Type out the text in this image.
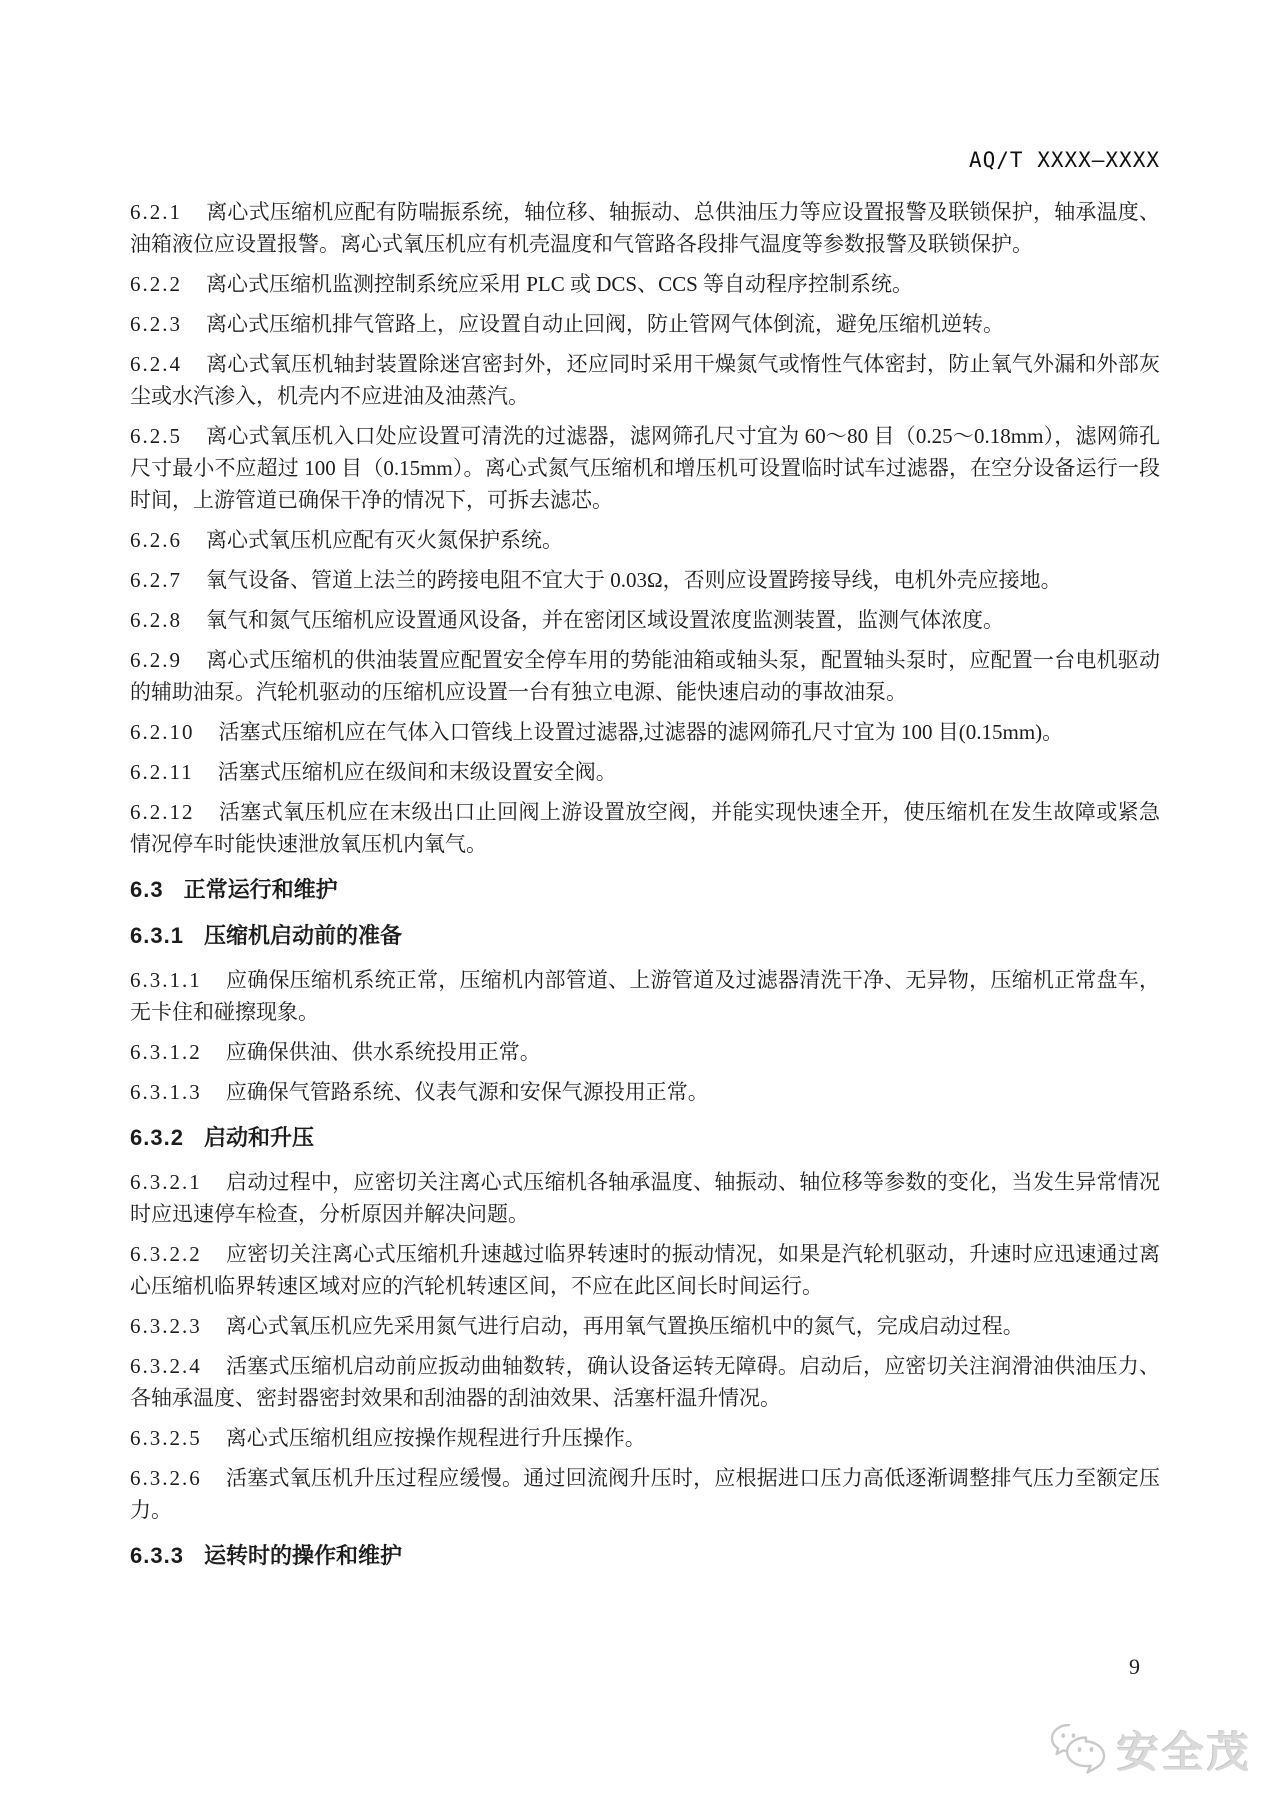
AQ/T XXXX—XXXX

6.2.1 离心式压缩机应配有防喘振系统，轴位移、轴振动、总供油压力等应设置报警及联锁保护，轴承温度、油箱液位应设置报警。离心式氧压机应有机壳温度和气管路各段排气温度等参数报警及联锁保护。

6.2.2 离心式压缩机监测控制系统应采用 PLC 或 DCS、CCS 等自动程序控制系统。

6.2.3 离心式压缩机排气管路上，应设置自动止回阀，防止管网气体倒流，避免压缩机逆转。

6.2.4 离心式氧压机轴封装置除迷宫密封外，还应同时采用干燥氮气或惰性气体密封，防止氧气外漏和外部灰尘或水汽渗入，机壳内不应进油及油蒸汽。

6.2.5 离心式氧压机入口处应设置可清洗的过滤器，滤网筛孔尺寸宜为 60～80 目（0.25～0.18mm），滤网筛孔尺寸最小不应超过 100 目（0.15mm）。离心式氮气压缩机和增压机可设置临时试车过滤器，在空分设备运行一段时间，上游管道已确保干净的情况下，可拆去滤芯。

6.2.6 离心式氧压机应配有灭火氮保护系统。

6.2.7 氧气设备、管道上法兰的跨接电阻不宜大于 0.03Ω，否则应设置跨接导线，电机外壳应接地。

6.2.8 氧气和氮气压缩机应设置通风设备，并在密闭区域设置浓度监测装置，监测气体浓度。

6.2.9 离心式压缩机的供油装置应配置安全停车用的势能油箱或轴头泵，配置轴头泵时，应配置一台电机驱动的辅助油泵。汽轮机驱动的压缩机应设置一台有独立电源、能快速启动的事故油泵。

6.2.10 活塞式压缩机应在气体入口管线上设置过滤器,过滤器的滤网筛孔尺寸宜为 100 目(0.15mm)。

6.2.11 活塞式压缩机应在级间和末级设置安全阀。

6.2.12 活塞式氧压机应在末级出口止回阀上游设置放空阀，并能实现快速全开，使压缩机在发生故障或紧急情况停车时能快速泄放氧压机内氧气。

6.3 正常运行和维护

6.3.1 压缩机启动前的准备

6.3.1.1 应确保压缩机系统正常，压缩机内部管道、上游管道及过滤器清洗干净、无异物，压缩机正常盘车，无卡住和碰擦现象。

6.3.1.2 应确保供油、供水系统投用正常。

6.3.1.3 应确保气管路系统、仪表气源和安保气源投用正常。

6.3.2 启动和升压

6.3.2.1 启动过程中，应密切关注离心式压缩机各轴承温度、轴振动、轴位移等参数的变化，当发生异常情况时应迅速停车检查，分析原因并解决问题。

6.3.2.2 应密切关注离心式压缩机升速越过临界转速时的振动情况，如果是汽轮机驱动，升速时应迅速通过离心压缩机临界转速区域对应的汽轮机转速区间，不应在此区间长时间运行。

6.3.2.3 离心式氧压机应先采用氮气进行启动，再用氧气置换压缩机中的氮气，完成启动过程。

6.3.2.4 活塞式压缩机启动前应扳动曲轴数转，确认设备运转无障碍。启动后，应密切关注润滑油供油压力、各轴承温度、密封器密封效果和刮油器的刮油效果、活塞杆温升情况。

6.3.2.5 离心式压缩机组应按操作规程进行升压操作。

6.3.2.6 活塞式氧压机升压过程应缓慢。通过回流阀升压时，应根据进口压力高低逐渐调整排气压力至额定压力。

6.3.3 运转时的操作和维护

9
安全茂
